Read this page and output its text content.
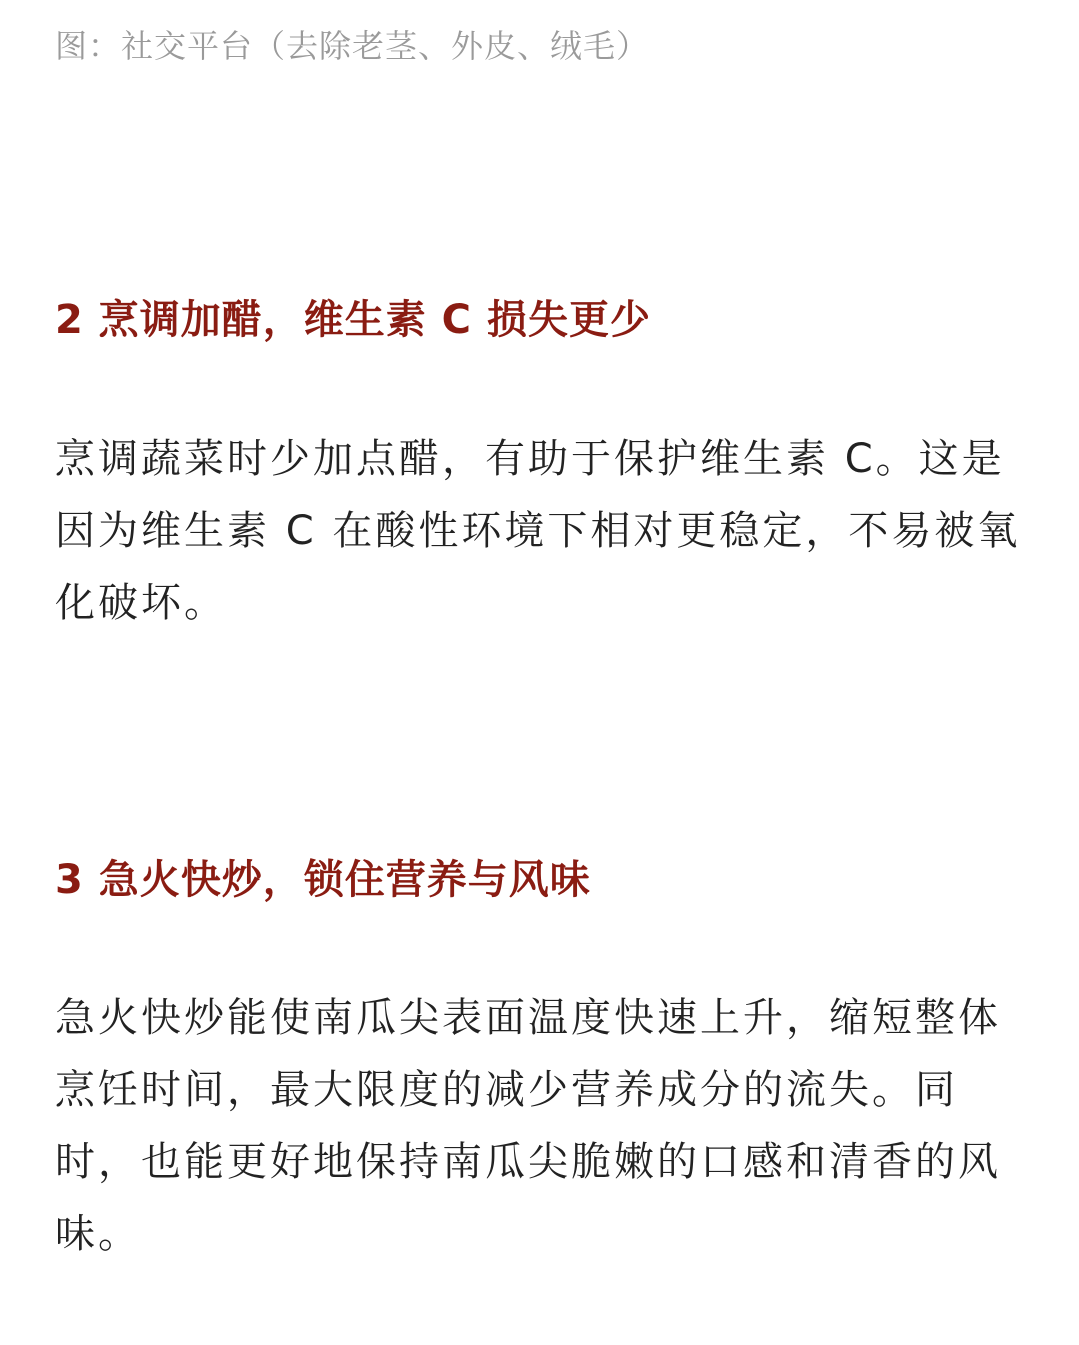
图：社交平台（去除老茎、外皮、绒毛）
2 烹调加醋，维生素 C 损失更少

烹调蔬菜时少加点醋，有助于保护维生素 C。这是因为维生素 C 在酸性环境下相对更稳定，不易被氧化破坏。

3 急火快炒，锁住营养与风味

急火快炒能使南瓜尖表面温度快速上升，缩短整体烹饪时间，最大限度的减少营养成分的流失。同时，也能更好地保持南瓜尖脆嫩的口感和清香的风味。
